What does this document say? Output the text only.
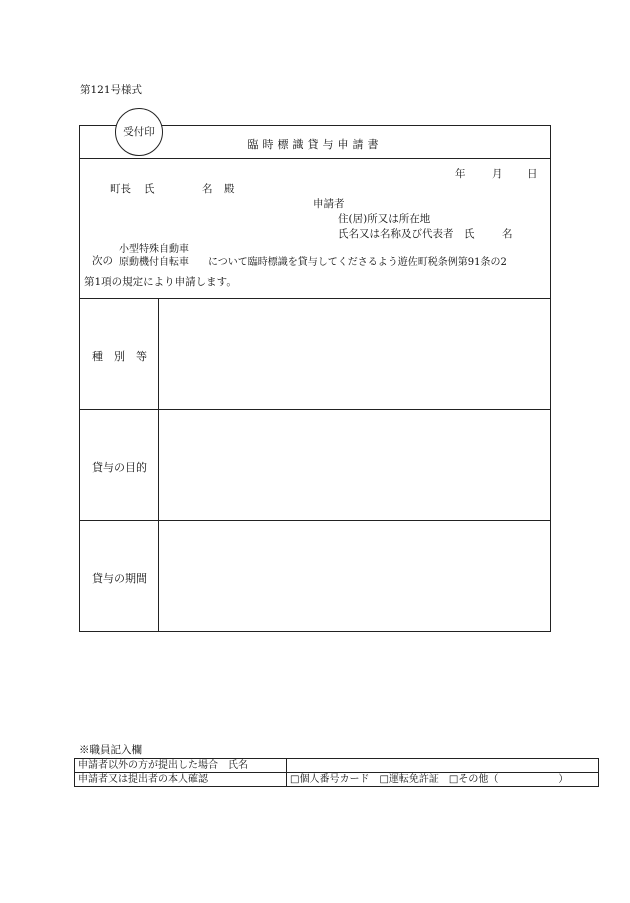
第121号様式
臨時標識貸与申請書
年	月 日
町長 氏	名 殿
申請者
住(居)所又は所在地
氏名又は名称及び代表者 氏	名
次の
小型特殊自動車
原動機付自転車 について臨時標識を貸与してくださるよう遊佐町税条例第91条の2
第1項の規定により申請します。
種　別　等
貸与の目的
貸与の期間
受付印
※職員記入欄
申請者以外の方が提出した場合　氏名	
申請者又は提出者の本人確認	□個人番号カード　□運転免許証　□その他（　　　　　　）
